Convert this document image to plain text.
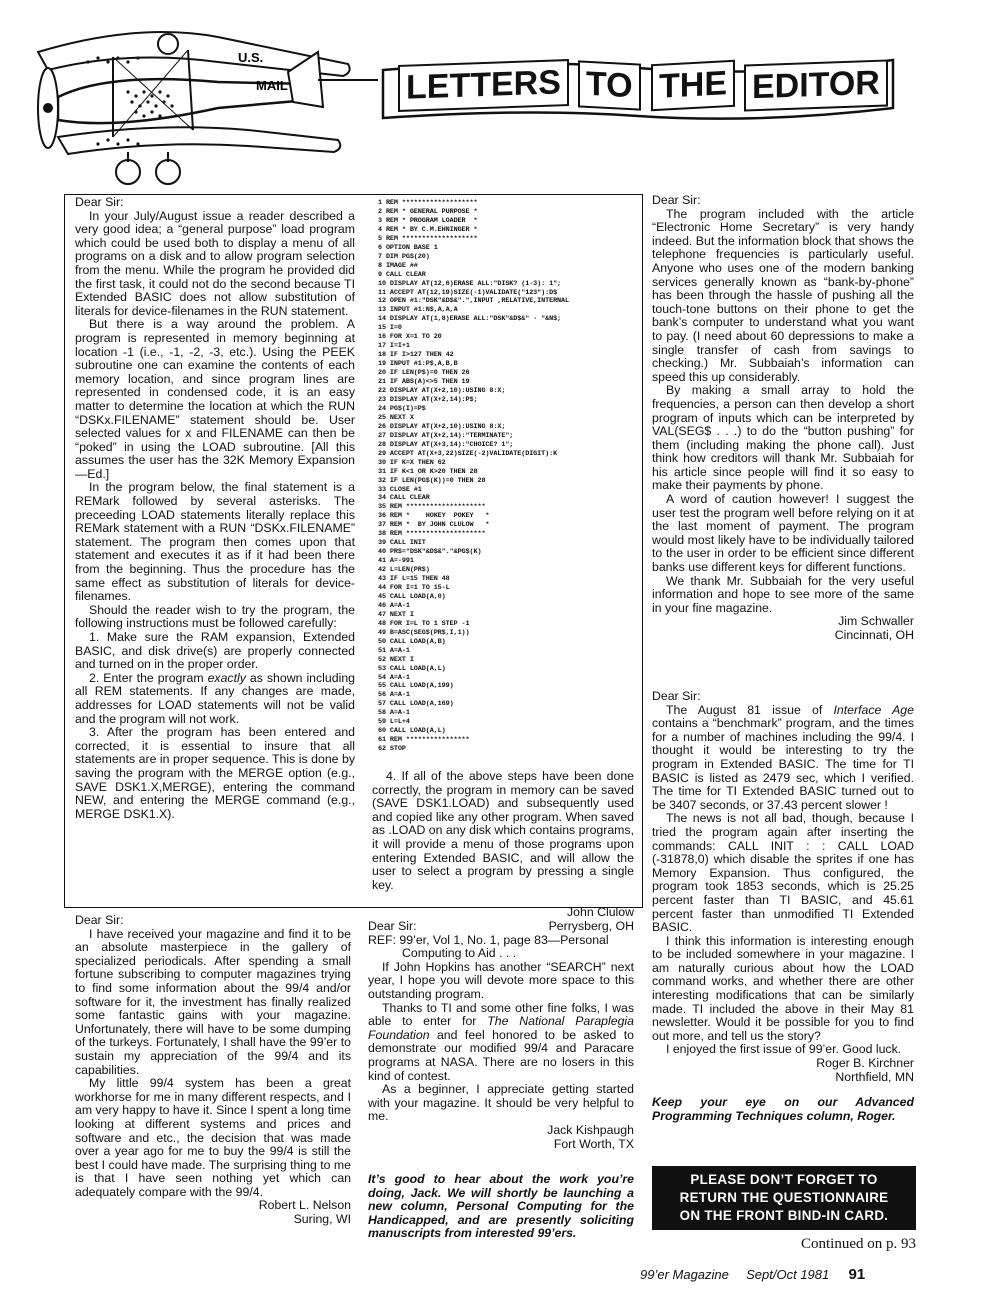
U.S.
MAIL	LETTERS TO THE EDITOR

Dear Sir:

In your July/August issue a reader described a very good idea; a “general purpose” load program which could be used both to display a menu of all programs on a disk and to allow program selection from the menu. While the program he provided did the first task, it could not do the second because TI Extended BASIC does not allow substitution of literals for device-filenames in the RUN statement.

But there is a way around the problem. A program is represented in memory beginning at location -1 (i.e., -1, -2, -3, etc.). Using the PEEK subroutine one can examine the contents of each memory location, and since program lines are represented in condensed code, it is an easy matter to determine the location at which the RUN “DSKx.FILENAME” statement should be. User selected values for x and FILENAME can then be “poked” in using the LOAD subroutine. [All this assumes the user has the 32K Memory Expansion—Ed.]

In the program below, the final statement is a REMark followed by several asterisks. The preceeding LOAD statements literally replace this REMark statement with a RUN “DSKx.FILENAME” statement. The program then comes upon that statement and executes it as if it had been there from the beginning. Thus the procedure has the same effect as substitution of literals for device-filenames.

Should the reader wish to try the program, the following instructions must be followed carefully:

1. Make sure the RAM expansion, Extended BASIC, and disk drive(s) are properly connected and turned on in the proper order.

2. Enter the program exactly as shown including all REM statements. If any changes are made, addresses for LOAD statements will not be valid and the program will not work.

3. After the program has been entered and corrected, it is essential to insure that all statements are in proper sequence. This is done by saving the program with the MERGE option (e.g., SAVE DSK1.X,MERGE), entering the command NEW, and entering the MERGE command (e.g., MERGE DSK1.X).

1 REM *******************
2 REM * GENERAL PURPOSE *
3 REM * PROGRAM LOADER  *
4 REM * BY C.M.EHNINGER *
5 REM *******************
6 OPTION BASE 1
7 DIM PG$(20)
8 IMAGE ##
9 CALL CLEAR
10 DISPLAY AT(12,6)ERASE ALL:"DISK? (1-3): 1";
11 ACCEPT AT(12,19)SIZE(-1)VALIDATE("123"):D$
12 OPEN #1:"DSK"&D$&".",INPUT ,RELATIVE,INTERNAL
13 INPUT #1:N$,A,A,A
14 DISPLAY AT(1,8)ERASE ALL:"DSK"&D$&" - "&N$;
15 I=0
16 FOR X=1 TO 20
17 I=I+1
18 IF I>127 THEN 42
19 INPUT #1:P$,A,B,B
20 IF LEN(P$)=0 THEN 26
21 IF ABS(A)<>5 THEN 19
22 DISPLAY AT(X+2,10):USING 8:X;
23 DISPLAY AT(X+2,14):P$;
24 PG$(I)=P$
25 NEXT X
26 DISPLAY AT(X+2,10):USING 8:X;
27 DISPLAY AT(X+2,14):"TERMINATE";
28 DISPLAY AT(X+3,14):"CHOICE? 1";
29 ACCEPT AT(X+3,22)SIZE(-2)VALIDATE(DIGIT):K
30 IF K=X THEN 62
31 IF K<1 OR K>20 THEN 28
32 IF LEN(PG$(K))=0 THEN 28
33 CLOSE #1
34 CALL CLEAR
35 REM ********************
36 REM *    HOKEY  POKEY   *
37 REM *  BY JOHN CLULOW   *
38 REM ********************
39 CALL INIT
40 PR$="DSK"&D$&"."&PG$(K)
41 A=-991
42 L=LEN(PR$)
43 IF L=15 THEN 48
44 FOR I=1 TO 15-L
45 CALL LOAD(A,0)
46 A=A-1
47 NEXT I
48 FOR I=L TO 1 STEP -1
49 B=ASC(SEG$(PR$,I,1))
50 CALL LOAD(A,B)
51 A=A-1
52 NEXT I
53 CALL LOAD(A,L)
54 A=A-1
55 CALL LOAD(A,199)
56 A=A-1
57 CALL LOAD(A,169)
58 A=A-1
59 L=L+4
60 CALL LOAD(A,L)
61 REM ****************
62 STOP

4. If all of the above steps have been done correctly, the program in memory can be saved (SAVE DSK1.LOAD) and subsequently used and copied like any other program. When saved as .LOAD on any disk which contains programs, it will provide a menu of those programs upon entering Extended BASIC, and will allow the user to select a program by pressing a single key.

John Clulow

Perrysberg, OH

Dear Sir:

The program included with the article “Electronic Home Secretary” is very handy indeed. But the information block that shows the telephone frequencies is particularly useful. Anyone who uses one of the modern banking services generally known as “bank-by-phone” has been through the hassle of pushing all the touch-tone buttons on their phone to get the bank’s computer to understand what you want to pay. (I need about 60 depressions to make a single transfer of cash from savings to checking.) Mr. Subbaiah’s information can speed this up considerably.

By making a small array to hold the frequencies, a person can then develop a short program of inputs which can be interpreted by VAL(SEG$ . . .) to do the “button pushing” for them (including making the phone call). Just think how creditors will thank Mr. Subbaiah for his article since people will find it so easy to make their payments by phone.

A word of caution however! I suggest the user test the program well before relying on it at the last moment of payment. The program would most likely have to be individually tailored to the user in order to be efficient since different banks use different keys for different functions.

We thank Mr. Subbaiah for the very useful information and hope to see more of the same in your fine magazine.

Jim Schwaller

Cincinnati, OH

Dear Sir:

The August 81 issue of Interface Age contains a “benchmark” program, and the times for a number of machines including the 99/4. I thought it would be interesting to try the program in Extended BASIC. The time for TI BASIC is listed as 2479 sec, which I verified. The time for TI Extended BASIC turned out to be 3407 seconds, or 37.43 percent slower !

The news is not all bad, though, because I tried the program again after inserting the commands: CALL INIT : : CALL LOAD (-31878,0) which disable the sprites if one has Memory Expansion. Thus configured, the program took 1853 seconds, which is 25.25 percent faster than TI BASIC, and 45.61 percent faster than unmodified TI Extended BASIC.

I think this information is interesting enough to be included somewhere in your magazine. I am naturally curious about how the LOAD command works, and whether there are other interesting modifications that can be similarly made. TI included the above in their May 81 newsletter. Would it be possible for you to find out more, and tell us the story?

I enjoyed the first issue of 99’er. Good luck.

Roger B. Kirchner

Northfield, MN

Keep your eye on our Advanced Programming Techniques column, Roger.

PLEASE DON’T FORGET TO
RETURN THE QUESTIONNAIRE
ON THE FRONT BIND-IN CARD.
Continued on p. 93

Dear Sir:

I have received your magazine and find it to be an absolute masterpiece in the gallery of specialized periodicals. After spending a small fortune subscribing to computer magazines trying to find some information about the 99/4 and/or software for it, the investment has finally realized some fantastic gains with your magazine. Unfortunately, there will have to be some dumping of the turkeys. Fortunately, I shall have the 99’er to sustain my appreciation of the 99/4 and its capabilities.

My little 99/4 system has been a great workhorse for me in many different respects, and I am very happy to have it. Since I spent a long time looking at different systems and prices and software and etc., the decision that was made over a year ago for me to buy the 99/4 is still the best I could have made. The surprising thing to me is that I have seen nothing yet which can adequately compare with the 99/4.

Robert L. Nelson

Suring, WI

Dear Sir:

REF: 99’er, Vol 1, No. 1, page 83—Personal

Computing to Aid . . .

If John Hopkins has another “SEARCH” next year, I hope you will devote more space to this outstanding program.

Thanks to TI and some other fine folks, I was able to enter for The National Paraplegia Foundation and feel honored to be asked to demonstrate our modified 99/4 and Paracare programs at NASA. There are no losers in this kind of contest.

As a beginner, I appreciate getting started with your magazine. It should be very helpful to me.

Jack Kishpaugh

Fort Worth, TX

It’s good to hear about the work you’re doing, Jack. We will shortly be launching a new column, Personal Computing for the Handicapped, and are presently soliciting manuscripts from interested 99’ers.

99’er Magazine Sept/Oct 1981 91
